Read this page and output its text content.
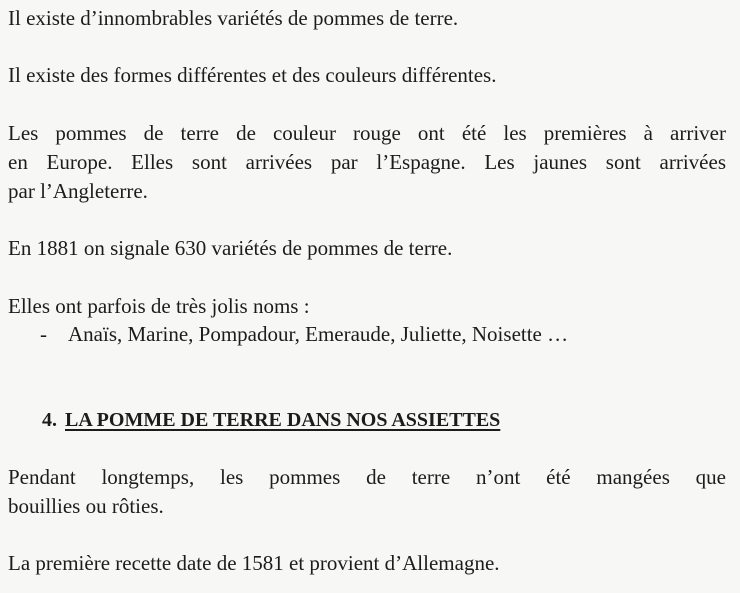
Il existe d’innombrables variétés de pommes de terre.
Il existe des formes différentes et des couleurs différentes.
Les pommes de terre de couleur rouge ont été les premières à arriver
en Europe. Elles sont arrivées par l’Espagne. Les jaunes sont arrivées
par l’Angleterre.
En 1881 on signale 630 variétés de pommes de terre.
Elles ont parfois de très jolis noms :
- Anaïs, Marine, Pompadour, Emeraude, Juliette, Noisette …
4. LA POMME DE TERRE DANS NOS ASSIETTES
Pendant longtemps, les pommes de terre n’ont été mangées que
bouillies ou rôties.
La première recette date de 1581 et provient d’Allemagne.
